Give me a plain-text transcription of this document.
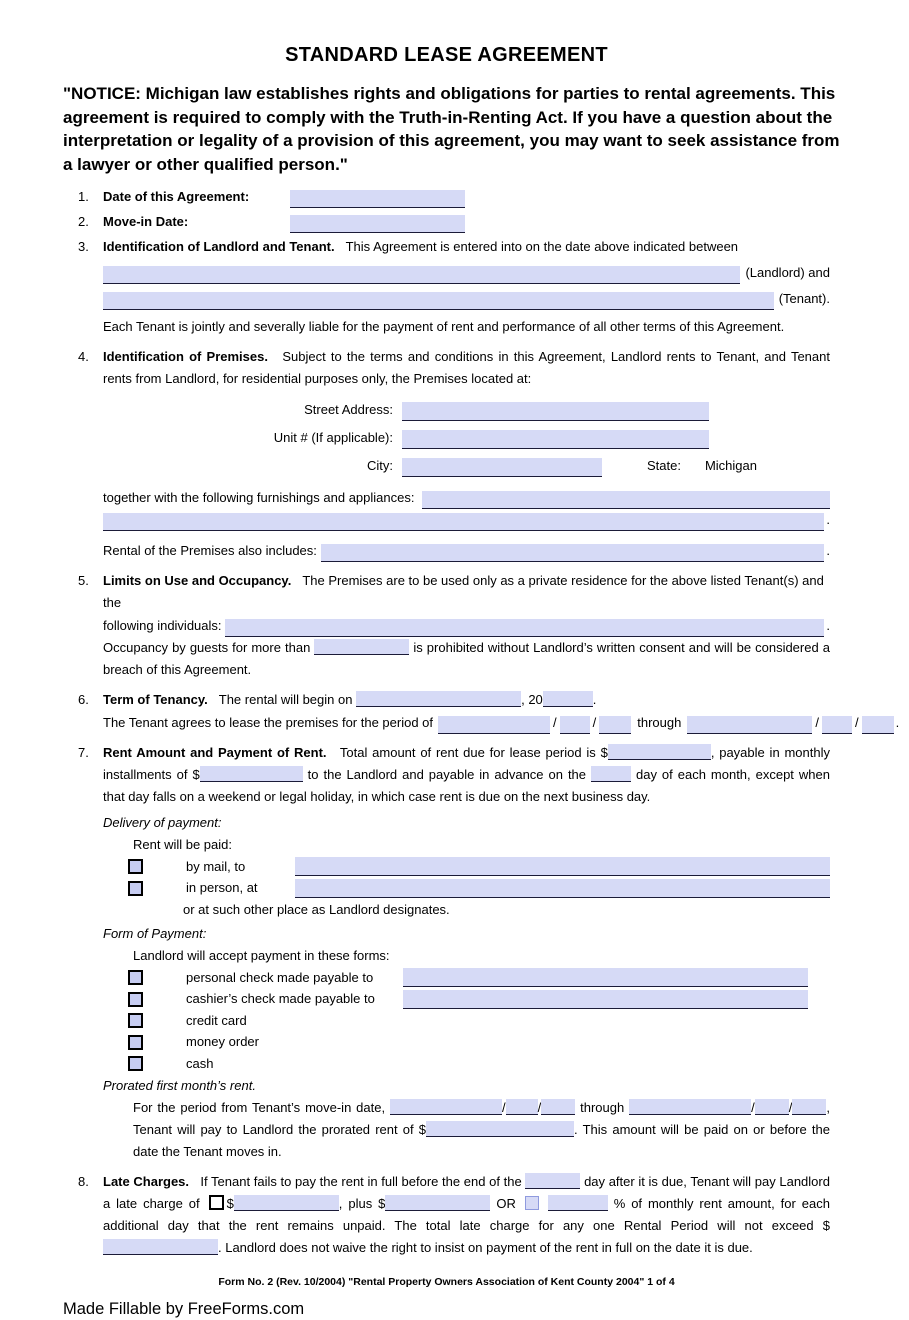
STANDARD LEASE AGREEMENT

"NOTICE: Michigan law establishes rights and obligations for parties to rental agreements. This agreement is required to comply with the Truth-in-Renting Act. If you have a question about the interpretation or legality of a provision of this agreement, you may want to seek assistance from a lawyer or other qualified person."

1.	Date of this Agreement:
2.	Move-in Date:
3.	Identification of Landlord and Tenant. This Agreement is entered into on the date above indicated between
(Landlord) and
(Tenant).
Each Tenant is jointly and severally liable for the payment of rent and performance of all other terms of this Agreement.
4.	Identification of Premises. Subject to the terms and conditions in this Agreement, Landlord rents to Tenant, and Tenant rents from Landlord, for residential purposes only, the Premises located at:
Street Address:
Unit # (If applicable):
City:	State: Michigan
together with the following furnishings and appliances:
.
Rental of the Premises also includes:	.
5.	Limits on Use and Occupancy. The Premises are to be used only as a private residence for the above listed Tenant(s) and the
following individuals:	.
Occupancy by guests for more than	is prohibited without Landlord’s written consent and will be considered a breach of this Agreement.
6.	Term of Tenancy. The rental will begin on	, 20	.
The Tenant agrees to lease the premises for the period of	/	/	through	/	/	.
7.	Rent Amount and Payment of Rent. Total amount of rent due for lease period is $	, payable in monthly installments of $	to the Landlord and payable in advance on the	day of each month, except when that day falls on a weekend or legal holiday, in which case rent is due on the next business day.
Delivery of payment:
Rent will be paid:
by mail, to
in person, at
or at such other place as Landlord designates.
Form of Payment:
Landlord will accept payment in these forms:
personal check made payable to
cashier’s check made payable to
credit card
money order
cash
Prorated first month’s rent.
For the period from Tenant’s move-in date,	/ /	through	/	/	, Tenant will pay to Landlord the prorated rent of $	. This amount will be paid on or before the date the Tenant moves in.
8.	Late Charges. If Tenant fails to pay the rent in full before the end of the	day after it is due, Tenant will pay Landlord a late charge of $	, plus $	OR	% of monthly rent amount, for each additional day that the rent remains unpaid. The total late charge for any one Rental Period will not exceed $. Landlord does not waive the right to insist on payment of the rent in full on the date it is due.
Form No. 2 (Rev. 10/2004) "Rental Property Owners Association of Kent County 2004" 1 of 4
Made Fillable by FreeForms.com
